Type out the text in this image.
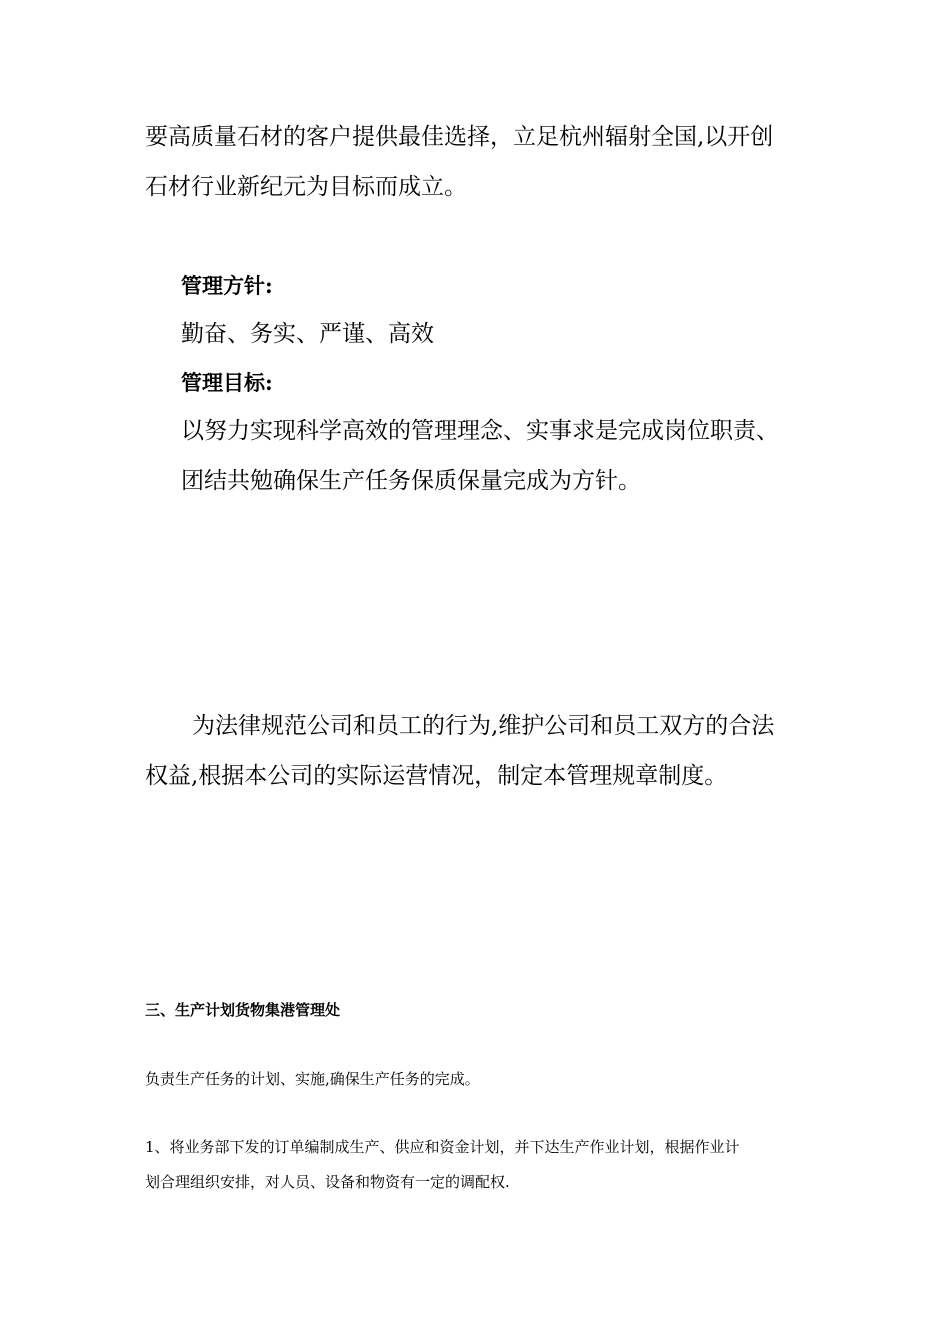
要高质量石材的客户提供最佳选择，立足杭州辐射全国,以开创

石材行业新纪元为目标而成立。

管理方针:

勤奋、务实、严谨、高效

管理目标:

以努力实现科学高效的管理理念、实事求是完成岗位职责、

团结共勉确保生产任务保质保量完成为方针。

为法律规范公司和员工的行为,维护公司和员工双方的合法

权益,根据本公司的实际运营情况，制定本管理规章制度。

三、生产计划货物集港管理处

负责生产任务的计划、实施,确保生产任务的完成。

1、将业务部下发的订单编制成生产、供应和资金计划，并下达生产作业计划，根据作业计

划合理组织安排，对人员、设备和物资有一定的调配权.
